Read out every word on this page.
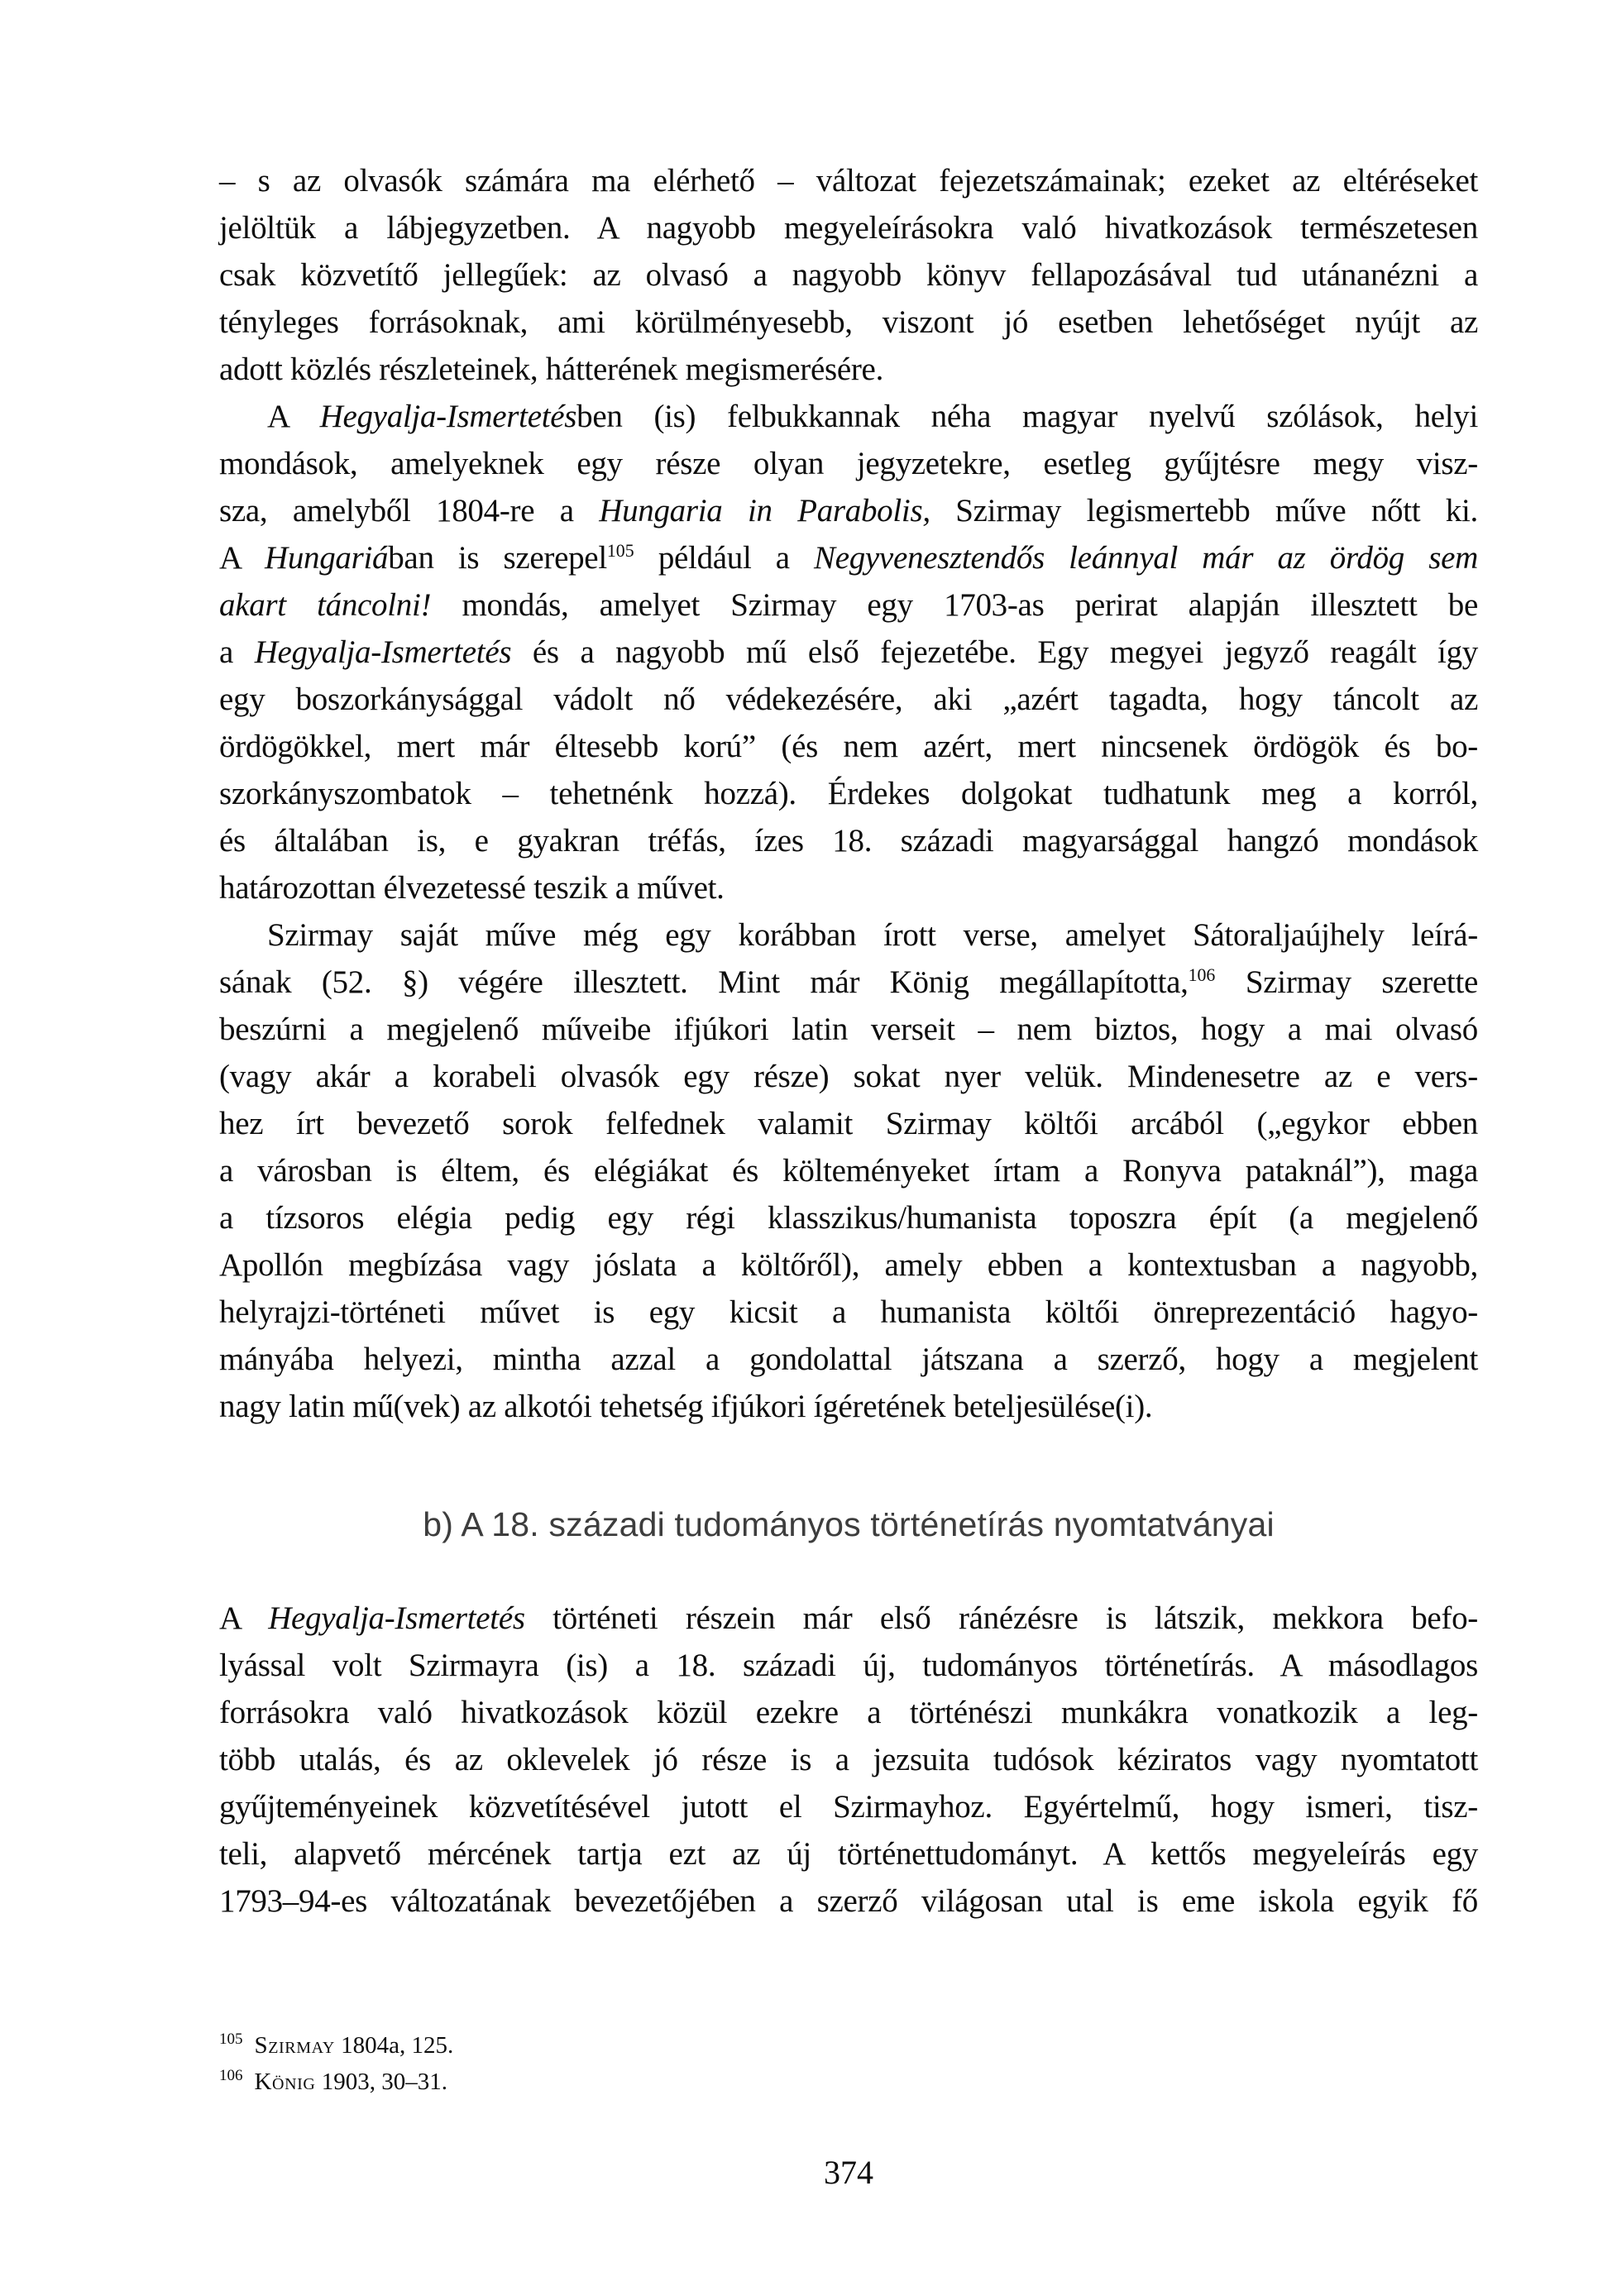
– s az olvasók számára ma elérhető – változat fejezetszámainak; ezeket az eltéréseket
jelöltük a lábjegyzetben. A nagyobb megyeleírásokra való hivatkozások természetesen
csak közvetítő jellegűek: az olvasó a nagyobb könyv fellapozásával tud utánanézni a
tényleges forrásoknak, ami körülményesebb, viszont jó esetben lehetőséget nyújt az
adott közlés részleteinek, hátterének megismerésére.
A Hegyalja-Ismertetésben (is) felbukkannak néha magyar nyelvű szólások, helyi
mondások, amelyeknek egy része olyan jegyzetekre, esetleg gyűjtésre megy visz-
sza, amelyből 1804-re a Hungaria in Parabolis, Szirmay legismertebb műve nőtt ki.
A Hungariában is szerepel$^{105}$ például a Negyvenesztendős leánnyal már az ördög sem
akart táncolni! mondás, amelyet Szirmay egy 1703-as perirat alapján illesztett be
a Hegyalja-Ismertetés és a nagyobb mű első fejezetébe. Egy megyei jegyző reagált így
egy boszorkánysággal vádolt nő védekezésére, aki „azért tagadta, hogy táncolt az
ördögökkel, mert már éltesebb korú” (és nem azért, mert nincsenek ördögök és bo-
szorkányszombatok – tehetnénk hozzá). Érdekes dolgokat tudhatunk meg a korról,
és általában is, e gyakran tréfás, ízes 18. századi magyarsággal hangzó mondások
határozottan élvezetessé teszik a művet.
Szirmay saját műve még egy korábban írott verse, amelyet Sátoraljaújhely leírá-
sának (52. §) végére illesztett. Mint már König megállapította,$^{106}$ Szirmay szerette
beszúrni a megjelenő műveibe ifjúkori latin verseit – nem biztos, hogy a mai olvasó
(vagy akár a korabeli olvasók egy része) sokat nyer velük. Mindenesetre az e vers-
hez írt bevezető sorok felfednek valamit Szirmay költői arcából („egykor ebben
a városban is éltem, és elégiákat és költeményeket írtam a Ronyva pataknál”), maga
a tízsoros elégia pedig egy régi klasszikus/humanista toposzra épít (a megjelenő
Apollón megbízása vagy jóslata a költőről), amely ebben a kontextusban a nagyobb,
helyrajzi-történeti művet is egy kicsit a humanista költői önreprezentáció hagyo-
mányába helyezi, mintha azzal a gondolattal játszana a szerző, hogy a megjelent
nagy latin mű(vek) az alkotói tehetség ifjúkori ígéretének beteljesülése(i).
b) A 18. századi tudományos történetírás nyomtatványai
A Hegyalja-Ismertetés történeti részein már első ránézésre is látszik, mekkora befo-
lyással volt Szirmayra (is) a 18. századi új, tudományos történetírás. A másodlagos
forrásokra való hivatkozások közül ezekre a történészi munkákra vonatkozik a leg-
több utalás, és az oklevelek jó része is a jezsuita tudósok kéziratos vagy nyomtatott
gyűjteményeinek közvetítésével jutott el Szirmayhoz. Egyértelmű, hogy ismeri, tisz-
teli, alapvető mércének tartja ezt az új történettudományt. A kettős megyeleírás egy
1793–94-es változatának bevezetőjében a szerző világosan utal is eme iskola egyik fő
$^{105}$ Szirmay 1804a, 125.
$^{106}$ König 1903, 30–31.
374
